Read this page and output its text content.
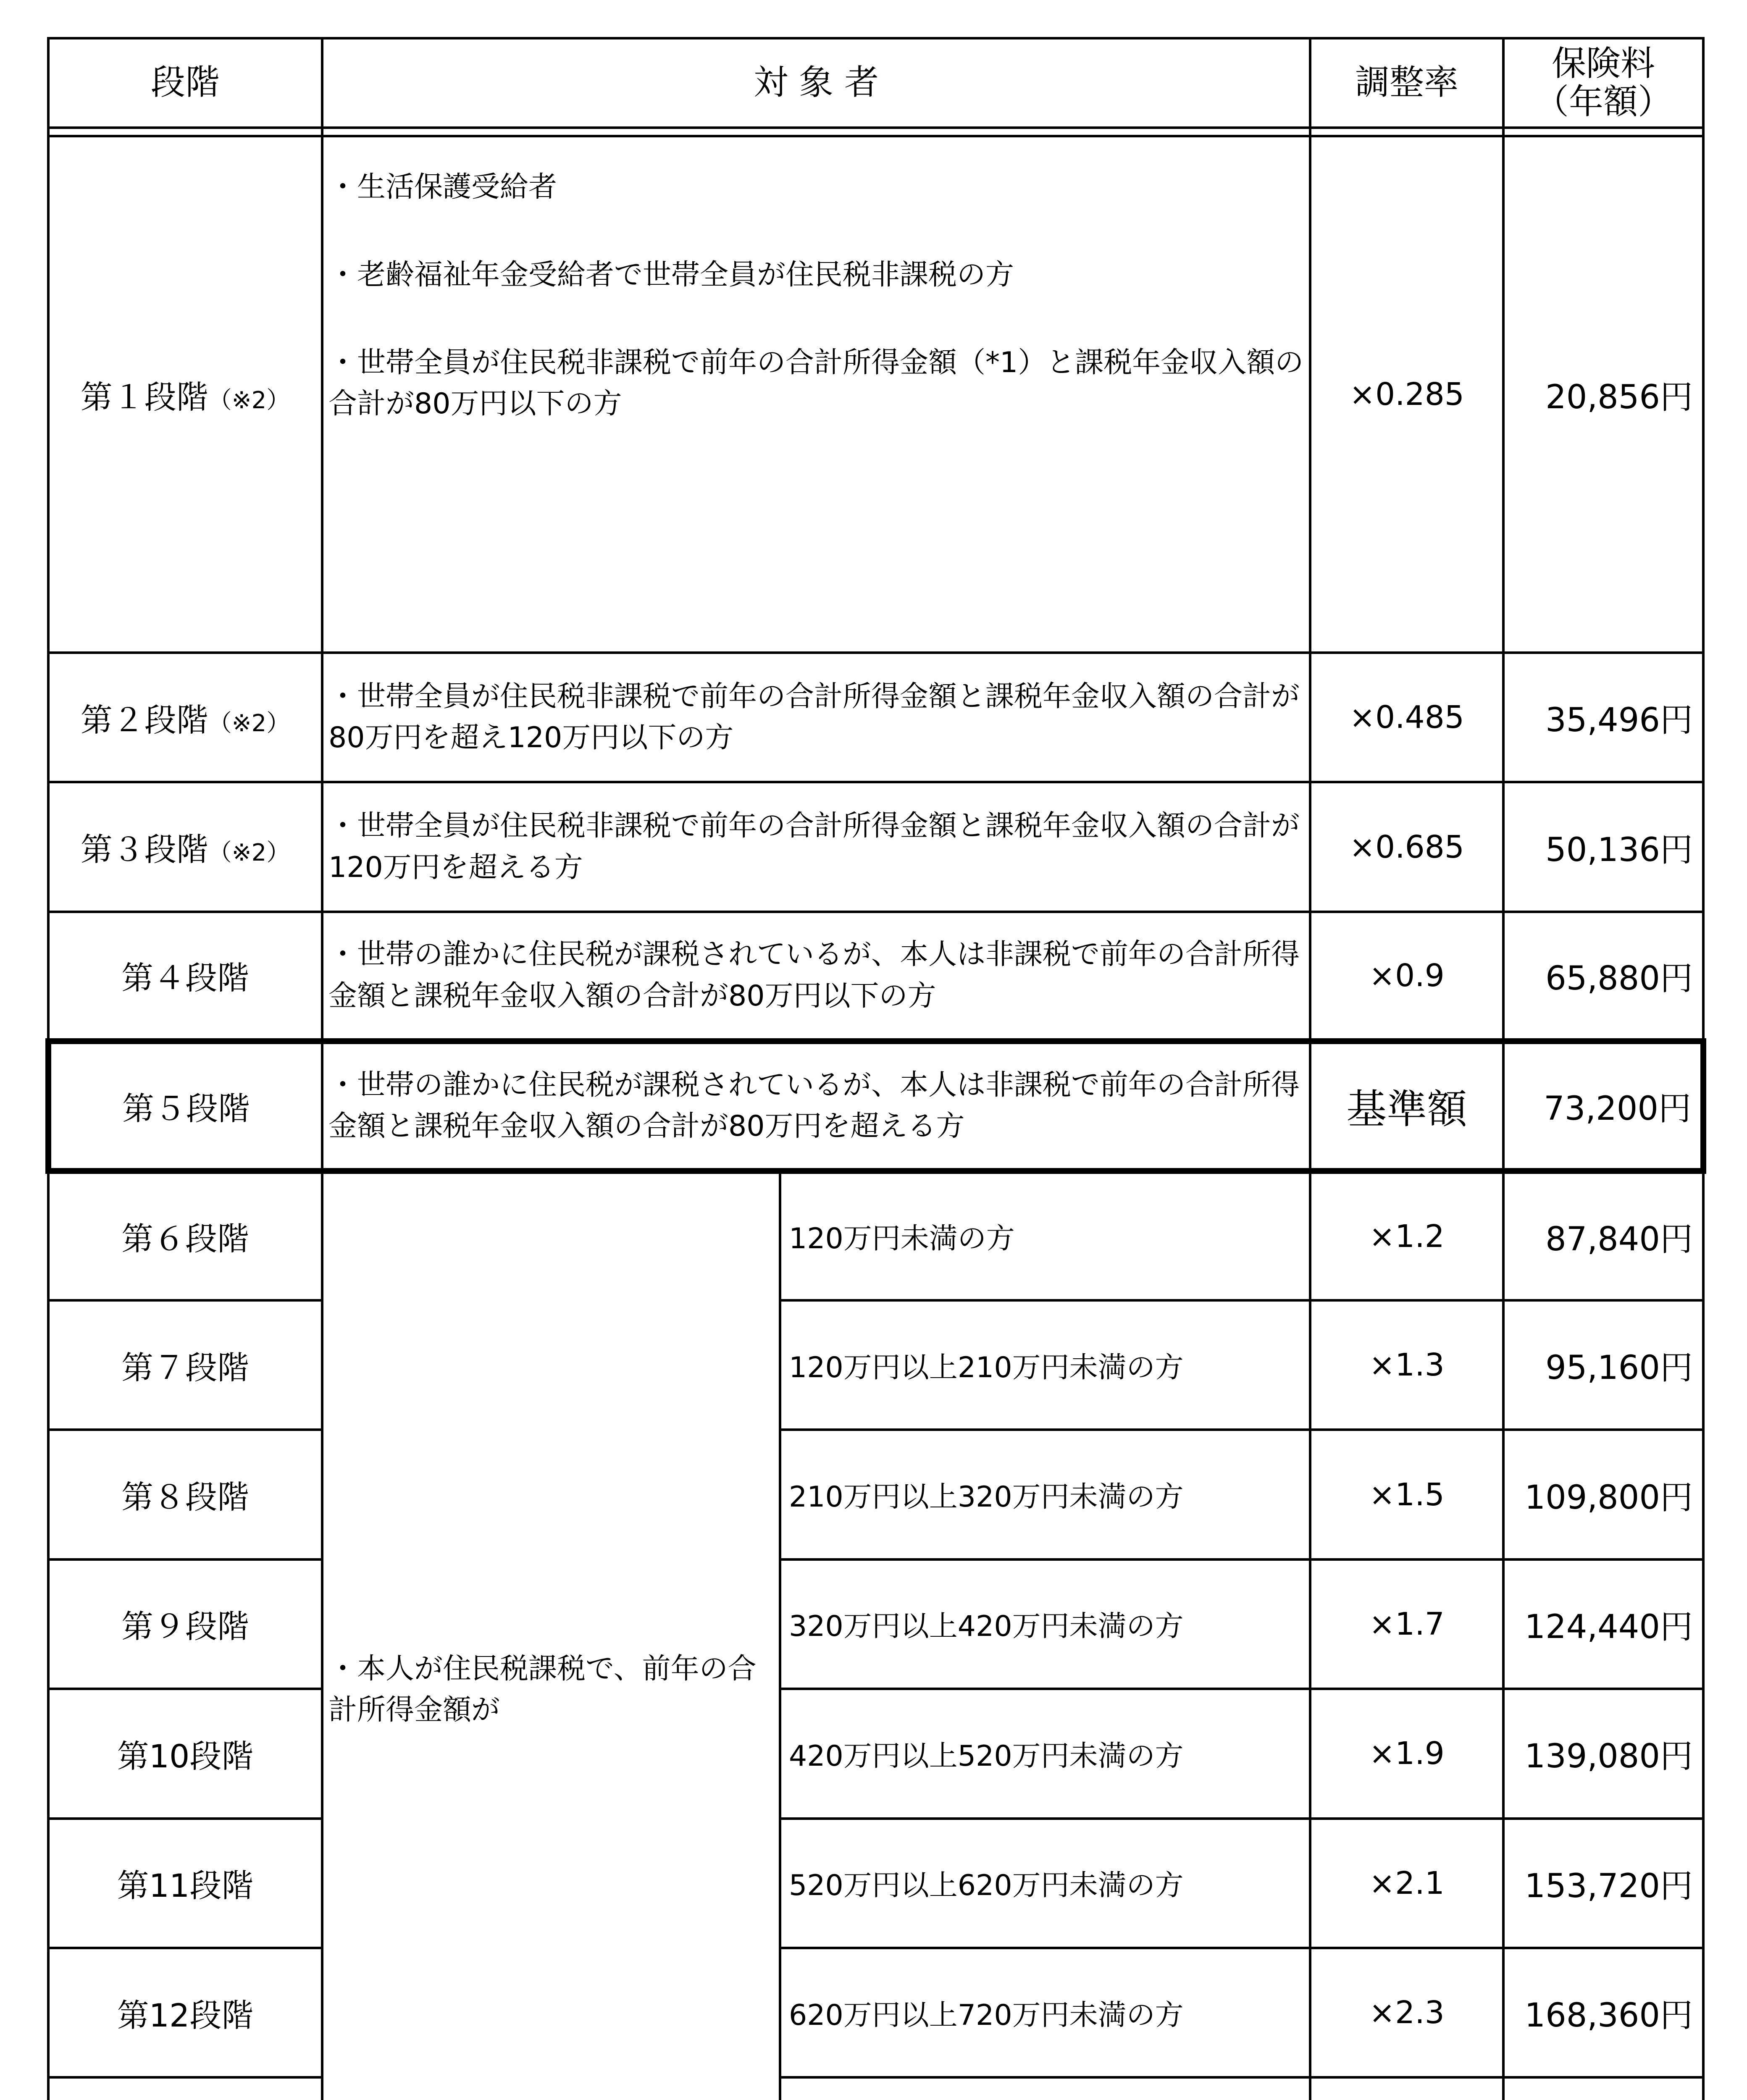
段階	対 象 者		調整率	保険料
（年額）

第１段階（※2）	・生活保護受給者

・老齢福祉年金受給者で世帯全員が住民税非課税の方

・世帯全員が住民税非課税で前年の合計所得金額（*1）と課税年金収入額の合計が80万円以下の方		×0.285	20,856円
第２段階（※2）	・世帯全員が住民税非課税で前年の合計所得金額と課税年金収入額の合計が80万円を超え120万円以下の方		×0.485	35,496円
第３段階（※2）	・世帯全員が住民税非課税で前年の合計所得金額と課税年金収入額の合計が120万円を超える方		×0.685	50,136円
第４段階	・世帯の誰かに住民税が課税されているが、本人は非課税で前年の合計所得金額と課税年金収入額の合計が80万円以下の方		×0.9	65,880円
第５段階	・世帯の誰かに住民税が課税されているが、本人は非課税で前年の合計所得金額と課税年金収入額の合計が80万円を超える方		基準額	73,200円
第６段階	・本人が住民税課税で、前年の合計所得金額が	120万円未満の方	×1.2	87,840円
第７段階		120万円以上210万円未満の方	×1.3	95,160円
第８段階		210万円以上320万円未満の方	×1.5	109,800円
第９段階		320万円以上420万円未満の方	×1.7	124,440円
第10段階		420万円以上520万円未満の方	×1.9	139,080円
第11段階		520万円以上620万円未満の方	×2.1	153,720円
第12段階		620万円以上720万円未満の方	×2.3	168,360円
